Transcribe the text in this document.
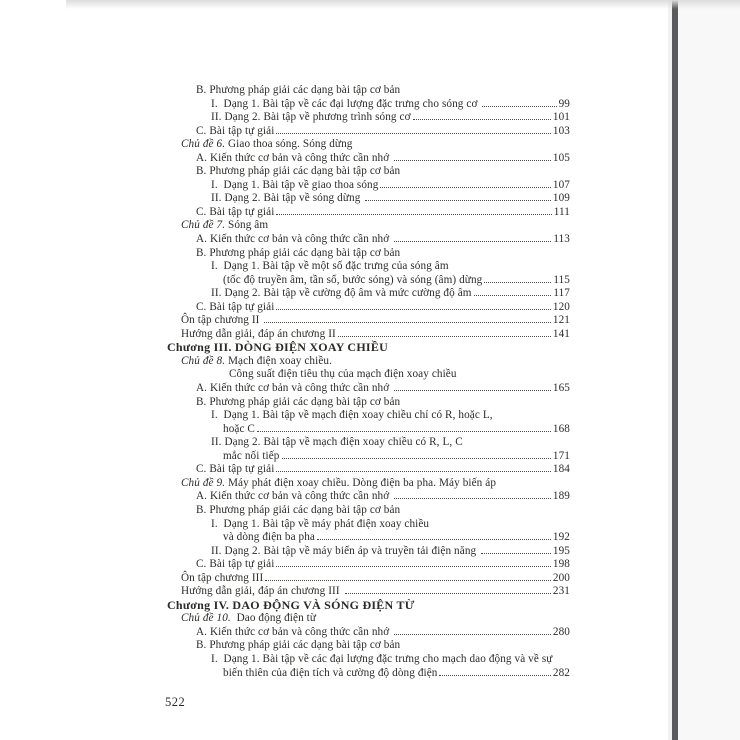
B. Phương pháp giải các dạng bài tập cơ bản
I.  Dạng 1. Bài tập về các đại lượng đặc trưng cho sóng cơ	99
II. Dạng 2. Bài tập về phương trình sóng cơ	101
C. Bài tập tự giải	103
Chủ đề 6. Giao thoa sóng. Sóng dừng
A. Kiến thức cơ bản và công thức cần nhớ	105
B. Phương pháp giải các dạng bài tập cơ bản
I.  Dạng 1. Bài tập về giao thoa sóng	107
II. Dạng 2. Bài tập về sóng dừng	109
C. Bài tập tự giải	111
Chủ đề 7. Sóng âm
A. Kiến thức cơ bản và công thức cần nhớ	113
B. Phương pháp giải các dạng bài tập cơ bản
I.  Dạng 1. Bài tập về một số đặc trưng của sóng âm
(tốc độ truyền âm, tần số, bước sóng) và sóng (âm) dừng	115
II. Dạng 2. Bài tập về cường độ âm và mức cường độ âm	117
C. Bài tập tự giải	120
Ôn tập chương II	121
Hướng dẫn giải, đáp án chương II	141
Chương III. DÒNG ĐIỆN XOAY CHIỀU
Chủ đề 8. Mạch điện xoay chiều.
Công suất điện tiêu thụ của mạch điện xoay chiều
A. Kiến thức cơ bản và công thức cần nhớ	165
B. Phương pháp giải các dạng bài tập cơ bản
I.  Dạng 1. Bài tập về mạch điện xoay chiều chỉ có R, hoặc L,
hoặc C	168
II. Dạng 2. Bài tập về mạch điện xoay chiều có R, L, C
mắc nối tiếp	171
C. Bài tập tự giải	184
Chủ đề 9. Máy phát điện xoay chiều. Dòng điện ba pha. Máy biến áp
A. Kiến thức cơ bản và công thức cần nhớ	189
B. Phương pháp giải các dạng bài tập cơ bản
I.  Dạng 1. Bài tập về máy phát điện xoay chiều
và dòng điện ba pha	192
II. Dạng 2. Bài tập về máy biến áp và truyền tải điện năng	195
C. Bài tập tự giải	198
Ôn tập chương III	200
Hướng dẫn giải, đáp án chương III	231
Chương IV. DAO ĐỘNG VÀ SÓNG ĐIỆN TỪ
Chủ đề 10. Dao động điện từ
A. Kiến thức cơ bản và công thức cần nhớ	280
B. Phương pháp giải các dạng bài tập cơ bản
I.  Dạng 1. Bài tập về các đại lượng đặc trưng cho mạch dao động và về sự
biến thiên của điện tích và cường độ dòng điện	282
522
